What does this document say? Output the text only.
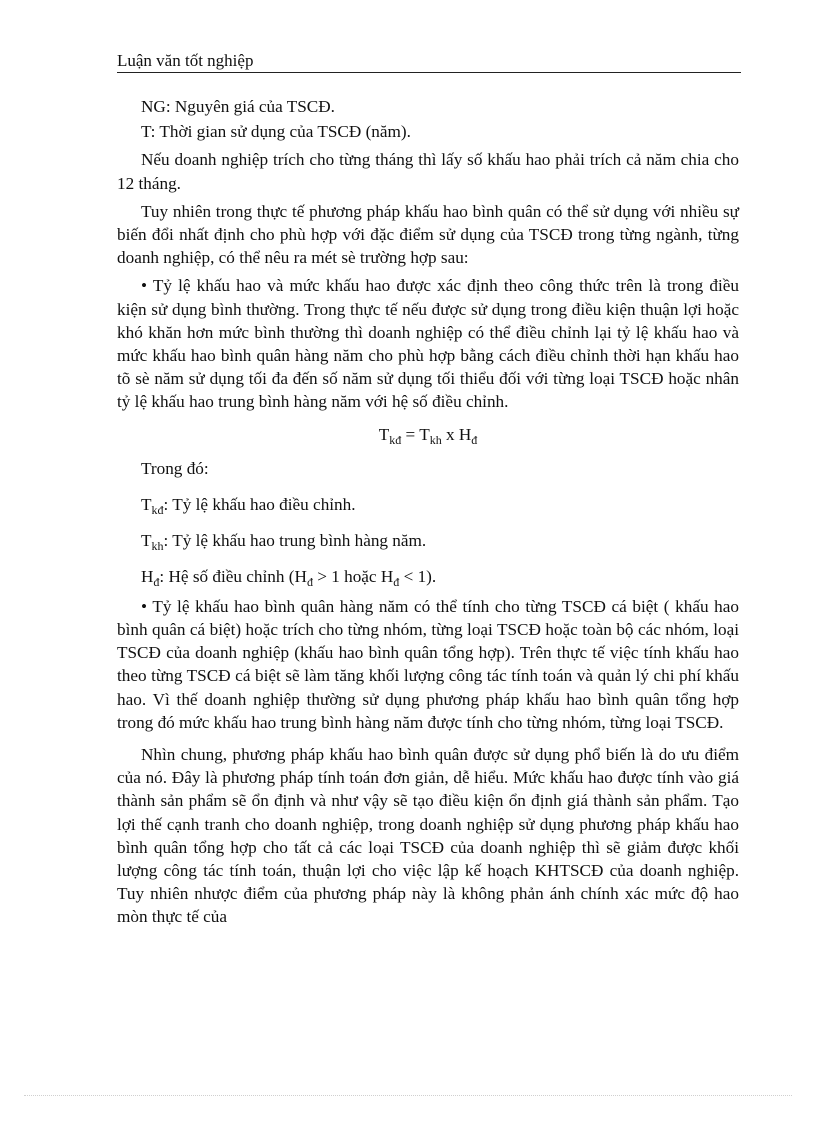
Luận văn tốt nghiệp

NG: Nguyên giá của TSCĐ.

T: Thời gian sử dụng của TSCĐ (năm).

Nếu doanh nghiệp trích cho từng tháng thì lấy số khấu hao phải trích cả năm chia cho 12 tháng.

Tuy nhiên trong thực tế phương pháp khấu hao bình quân có thể sử dụng với nhiều sự biến đổi nhất định cho phù hợp với đặc điểm sử dụng của TSCĐ trong từng ngành, từng doanh nghiệp, có thể nêu ra mét sè trường hợp sau:

• Tỷ lệ khấu hao và mức khấu hao được xác định theo công thức trên là trong điều kiện sử dụng bình thường. Trong thực tế nếu được sử dụng trong điều kiện thuận lợi hoặc khó khăn hơn mức bình thường thì doanh nghiệp có thể điều chỉnh lại tỷ lệ khấu hao và mức khấu hao bình quân hàng năm cho phù hợp bằng cách điều chỉnh thời hạn khấu hao tõ sè năm sử dụng tối đa đến số năm sử dụng tối thiểu đối với từng loại TSCĐ hoặc nhân tỷ lệ khấu hao trung bình hàng năm với hệ số điều chỉnh.

$T_{kđ} = T_{kh}$ x $H_đ$

Trong đó:

$T_{kđ}$: Tỷ lệ khấu hao điều chỉnh.

$T_{kh}$: Tỷ lệ khấu hao trung bình hàng năm.

$H_đ$: Hệ số điều chỉnh ($H_đ > 1$ hoặc $H_đ < 1$).

• Tỷ lệ khấu hao bình quân hàng năm có thể tính cho từng TSCĐ cá biệt ( khấu hao bình quân cá biệt) hoặc trích cho từng nhóm, từng loại TSCĐ hoặc toàn bộ các nhóm, loại TSCĐ của doanh nghiệp (khấu hao bình quân tổng hợp). Trên thực tế việc tính khấu hao theo từng TSCĐ cá biệt sẽ làm tăng khối lượng công tác tính toán và quản lý chi phí khấu hao. Vì thế doanh nghiệp thường sử dụng phương pháp khấu hao bình quân tổng hợp trong đó mức khấu hao trung bình hàng năm được tính cho từng nhóm, từng loại TSCĐ.

Nhìn chung, phương pháp khấu hao bình quân được sử dụng phổ biến là do ưu điểm của nó. Đây là phương pháp tính toán đơn giản, dễ hiểu. Mức khấu hao được tính vào giá thành sản phẩm sẽ ổn định và như vậy sẽ tạo điều kiện ổn định giá thành sản phẩm. Tạo lợi thế cạnh tranh cho doanh nghiệp, trong doanh nghiệp sử dụng phương pháp khấu hao bình quân tổng hợp cho tất cả các loại TSCĐ của doanh nghiệp thì sẽ giảm được khối lượng công tác tính toán, thuận lợi cho việc lập kế hoạch KHTSCĐ của doanh nghiệp. Tuy nhiên nhược điểm của phương pháp này là không phản ánh chính xác mức độ hao mòn thực tế của
